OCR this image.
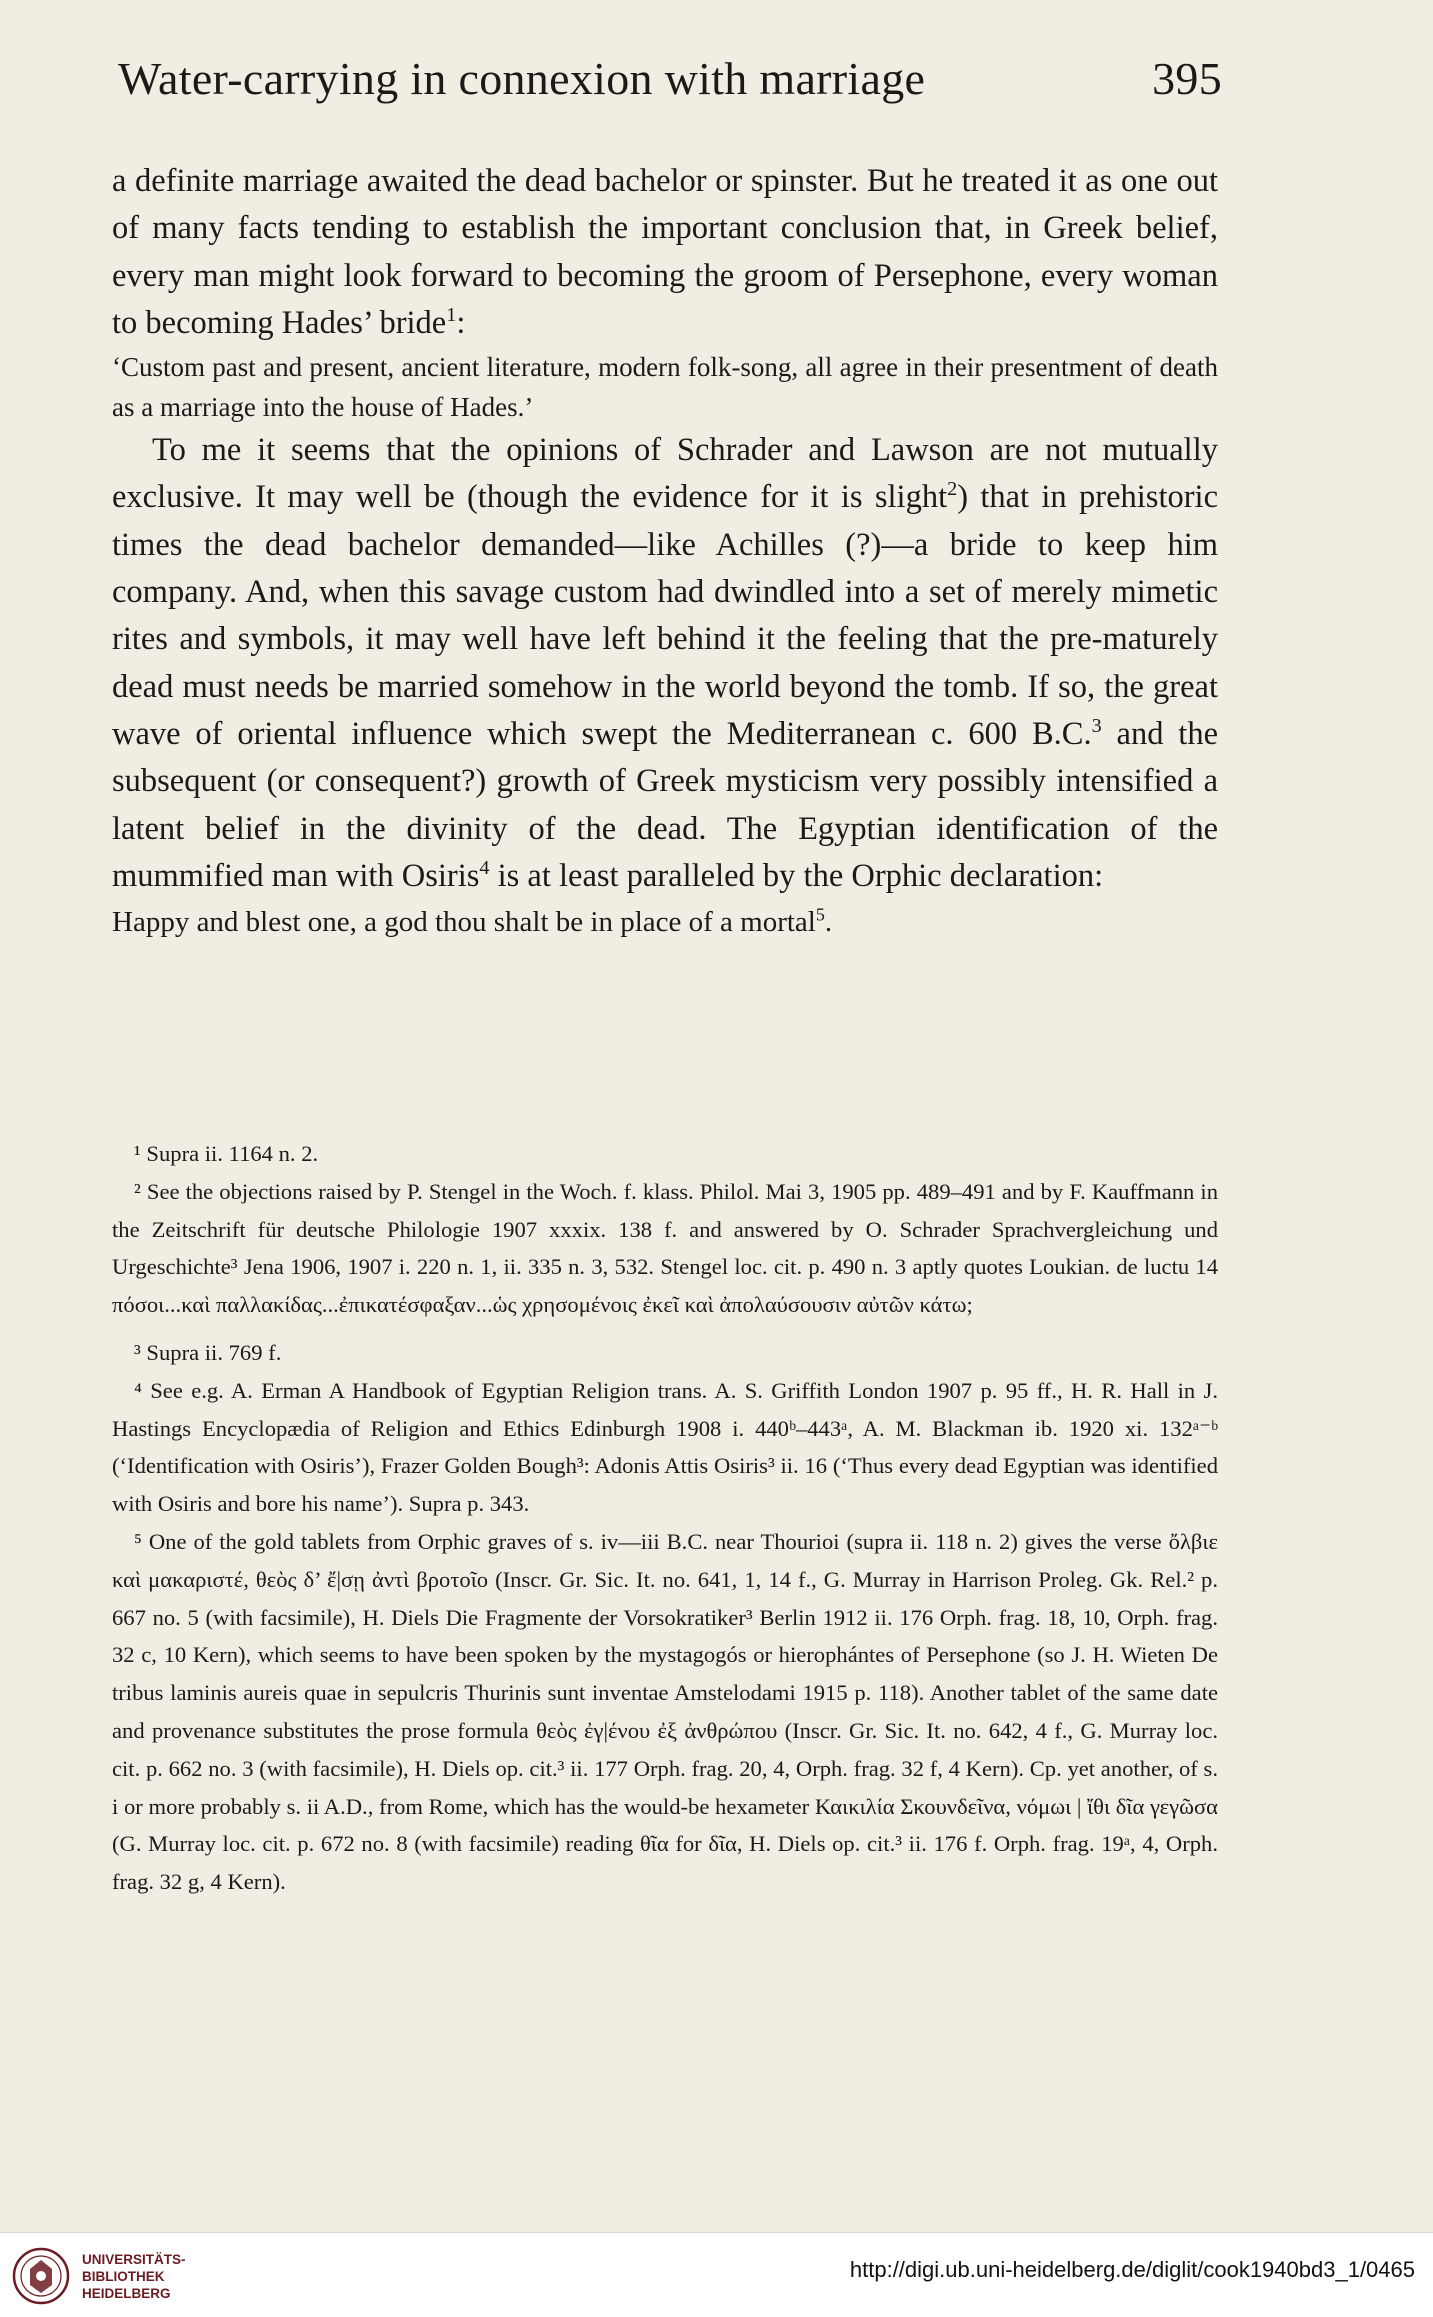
Water-carrying in connexion with marriage	395

a definite marriage awaited the dead bachelor or spinster. But he treated it as one out of many facts tending to establish the important conclusion that, in Greek belief, every man might look forward to becoming the groom of Persephone, every woman to becoming Hades’ bride$^1$:

‘Custom past and present, ancient literature, modern folk-song, all agree in their presentment of death as a marriage into the house of Hades.’

To me it seems that the opinions of Schrader and Lawson are not mutually exclusive. It may well be (though the evidence for it is slight$^2$) that in prehistoric times the dead bachelor demanded—like Achilles (?)—a bride to keep him company. And, when this savage custom had dwindled into a set of merely mimetic rites and symbols, it may well have left behind it the feeling that the pre-maturely dead must needs be married somehow in the world beyond the tomb. If so, the great wave of oriental influence which swept the Mediterranean c. 600 B.C.$^3$ and the subsequent (or consequent?) growth of Greek mysticism very possibly intensified a latent belief in the divinity of the dead. The Egyptian identification of the mummified man with Osiris$^4$ is at least paralleled by the Orphic declaration:

Happy and blest one, a god thou shalt be in place of a mortal$^5$.

¹ Supra ii. 1164 n. 2.

² See the objections raised by P. Stengel in the Woch. f. klass. Philol. Mai 3, 1905 pp. 489–491 and by F. Kauffmann in the Zeitschrift für deutsche Philologie 1907 xxxix. 138 f. and answered by O. Schrader Sprachvergleichung und Urgeschichte³ Jena 1906, 1907 i. 220 n. 1, ii. 335 n. 3, 532. Stengel loc. cit. p. 490 n. 3 aptly quotes Loukian. de luctu 14 πόσοι...καὶ παλλακίδας...ἐπικατέσφαξαν...ὡς χρησομένοις ἐκεῖ καὶ ἀπολαύσουσιν αὐτῶν κάτω;

³ Supra ii. 769 f.

⁴ See e.g. A. Erman A Handbook of Egyptian Religion trans. A. S. Griffith London 1907 p. 95 ff., H. R. Hall in J. Hastings Encyclopædia of Religion and Ethics Edinburgh 1908 i. 440ᵇ–443ᵃ, A. M. Blackman ib. 1920 xi. 132ᵃ⁻ᵇ (‘Identification with Osiris’), Frazer Golden Bough³: Adonis Attis Osiris³ ii. 16 (‘Thus every dead Egyptian was identified with Osiris and bore his name’). Supra p. 343.

⁵ One of the gold tablets from Orphic graves of s. iv—iii B.C. near Thourioi (supra ii. 118 n. 2) gives the verse ὄλβιε καὶ μακαριστέ, θεὸς δ’ ἔ|σῃ ἀντὶ βροτοῖο (Inscr. Gr. Sic. It. no. 641, 1, 14 f., G. Murray in Harrison Proleg. Gk. Rel.² p. 667 no. 5 (with facsimile), H. Diels Die Fragmente der Vorsokratiker³ Berlin 1912 ii. 176 Orph. frag. 18, 10, Orph. frag. 32 c, 10 Kern), which seems to have been spoken by the mystagogós or hierophántes of Persephone (so J. H. Wieten De tribus laminis aureis quae in sepulcris Thurinis sunt inventae Amstelodami 1915 p. 118). Another tablet of the same date and provenance substitutes the prose formula θεὸς ἐγ|ένου ἐξ ἀνθρώπου (Inscr. Gr. Sic. It. no. 642, 4 f., G. Murray loc. cit. p. 662 no. 3 (with facsimile), H. Diels op. cit.³ ii. 177 Orph. frag. 20, 4, Orph. frag. 32 f, 4 Kern). Cp. yet another, of s. i or more probably s. ii A.D., from Rome, which has the would-be hexameter Καικιλία Σκουνδεῖνα, νόμωι | ἴθι δῖα γεγῶσα (G. Murray loc. cit. p. 672 no. 8 (with facsimile) reading θῖα for δῖα, H. Diels op. cit.³ ii. 176 f. Orph. frag. 19ᵃ, 4, Orph. frag. 32 g, 4 Kern).

UNIVERSITÄTS-
BIBLIOTHEK
HEIDELBERG
http://digi.ub.uni-heidelberg.de/diglit/cook1940bd3_1/0465
